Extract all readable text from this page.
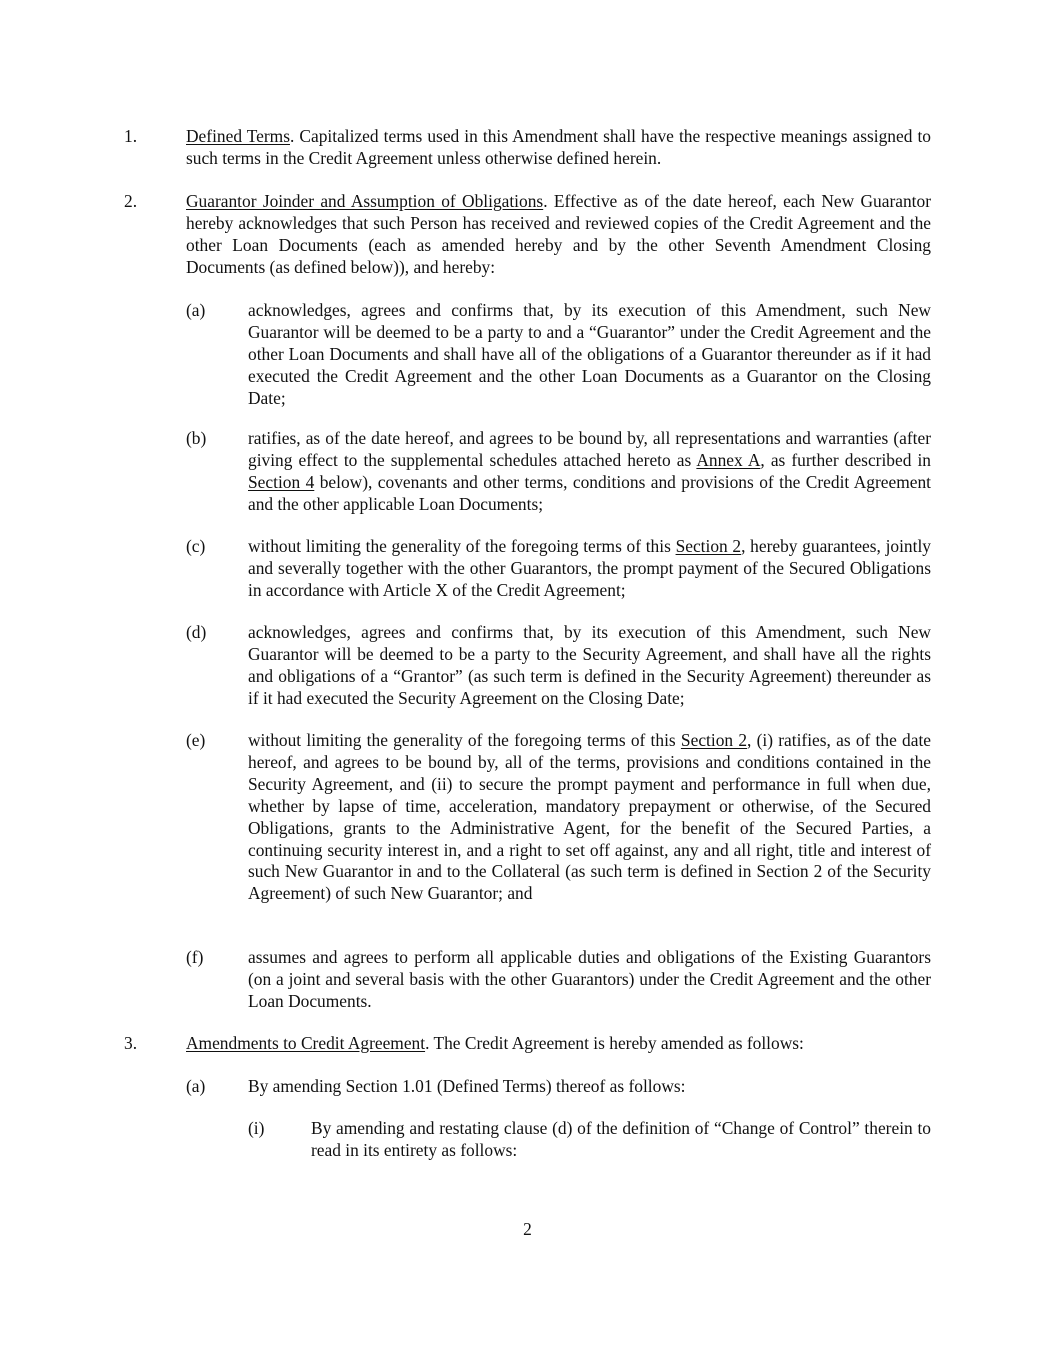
1.	Defined Terms. Capitalized terms used in this Amendment shall have the respective meanings assigned to such terms in the Credit Agreement unless otherwise defined herein.

2.	Guarantor Joinder and Assumption of Obligations. Effective as of the date hereof, each New Guarantor hereby acknowledges that such Person has received and reviewed copies of the Credit Agreement and the other Loan Documents (each as amended hereby and by the other Seventh Amendment Closing Documents (as defined below)), and hereby:

(a) acknowledges, agrees and confirms that, by its execution of this Amendment, such New Guarantor will be deemed to be a party to and a “Guarantor” under the Credit Agreement and the other Loan Documents and shall have all of the obligations of a Guarantor thereunder as if it had executed the Credit Agreement and the other Loan Documents as a Guarantor on the Closing Date;

(b) ratifies, as of the date hereof, and agrees to be bound by, all representations and warranties (after giving effect to the supplemental schedules attached hereto as Annex A, as further described in Section 4 below), covenants and other terms, conditions and provisions of the Credit Agreement and the other applicable Loan Documents;

(c) without limiting the generality of the foregoing terms of this Section 2, hereby guarantees, jointly and severally together with the other Guarantors, the prompt payment of the Secured Obligations in accordance with Article X of the Credit Agreement;

(d) acknowledges, agrees and confirms that, by its execution of this Amendment, such New Guarantor will be deemed to be a party to the Security Agreement, and shall have all the rights and obligations of a “Grantor” (as such term is defined in the Security Agreement) thereunder as if it had executed the Security Agreement on the Closing Date;

(e) without limiting the generality of the foregoing terms of this Section 2, (i) ratifies, as of the date hereof, and agrees to be bound by, all of the terms, provisions and conditions contained in the Security Agreement, and (ii) to secure the prompt payment and performance in full when due, whether by lapse of time, acceleration, mandatory prepayment or otherwise, of the Secured Obligations, grants to the Administrative Agent, for the benefit of the Secured Parties, a continuing security interest in, and a right to set off against, any and all right, title and interest of such New Guarantor in and to the Collateral (as such term is defined in Section 2 of the Security Agreement) of such New Guarantor; and

(f)	assumes and agrees to perform all applicable duties and obligations of the Existing Guarantors (on a joint and several basis with the other Guarantors) under the Credit Agreement and the other Loan Documents.

3.	Amendments to Credit Agreement. The Credit Agreement is hereby amended as follows:

(a) By amending Section 1.01 (Defined Terms) thereof as follows:

(i)	By amending and restating clause (d) of the definition of “Change of Control” therein to read in its entirety as follows:

2
